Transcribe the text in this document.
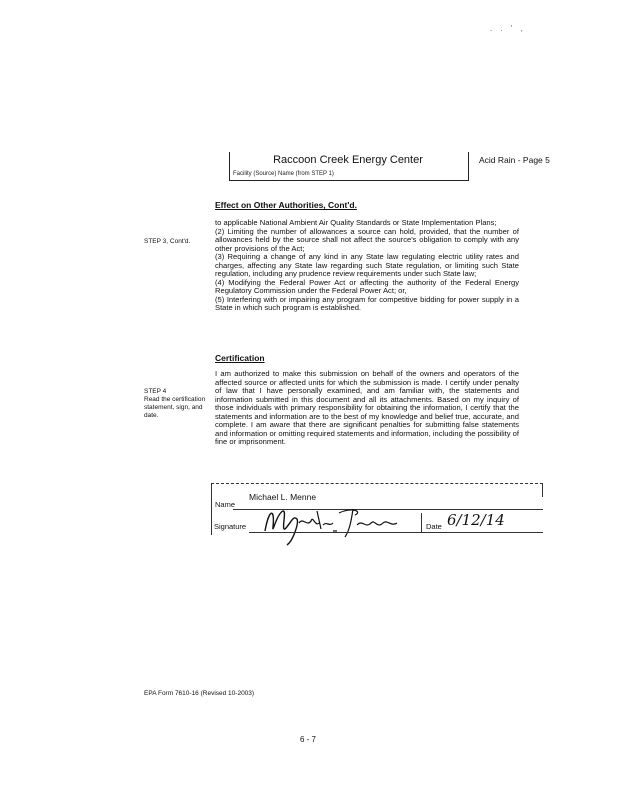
. . ' ,
Raccoon Creek Energy Center
Facility (Source) Name (from STEP 1)
Acid Rain - Page 5
Effect on Other Authorities, Cont'd.
STEP 3, Cont'd.

to applicable National Ambient Air Quality Standards or State Implementation Plans;

(2) Limiting the number of allowances a source can hold, provided, that the number of allowances held by the source shall not affect the source's obligation to comply with any other provisions of the Act;

(3) Requiring a change of any kind in any State law regulating electric utility rates and charges, affecting any State law regarding such State regulation, or limiting such State regulation, including any prudence review requirements under such State law;

(4) Modifying the Federal Power Act or affecting the authority of the Federal Energy Regulatory Commission under the Federal Power Act; or,

(5) Interfering with or impairing any program for competitive bidding for power supply in a State in which such program is established.

Certification
STEP 4
Read the certification statement, sign, and date.
I am authorized to make this submission on behalf of the owners and operators of the affected source or affected units for which the submission is made. I certify under penalty of law that I have personally examined, and am familiar with, the statements and information submitted in this document and all its attachments. Based on my inquiry of those individuals with primary responsibility for obtaining the information, I certify that the statements and information are to the best of my knowledge and belief true, accurate, and complete. I am aware that there are significant penalties for submitting false statements and information or omitting required statements and information, including the possibility of fine or imprisonment.
Michael L. Menne
Name
Signature	Date 6/12/14
EPA Form 7610-16 (Revised 10-2003)
6 - 7
